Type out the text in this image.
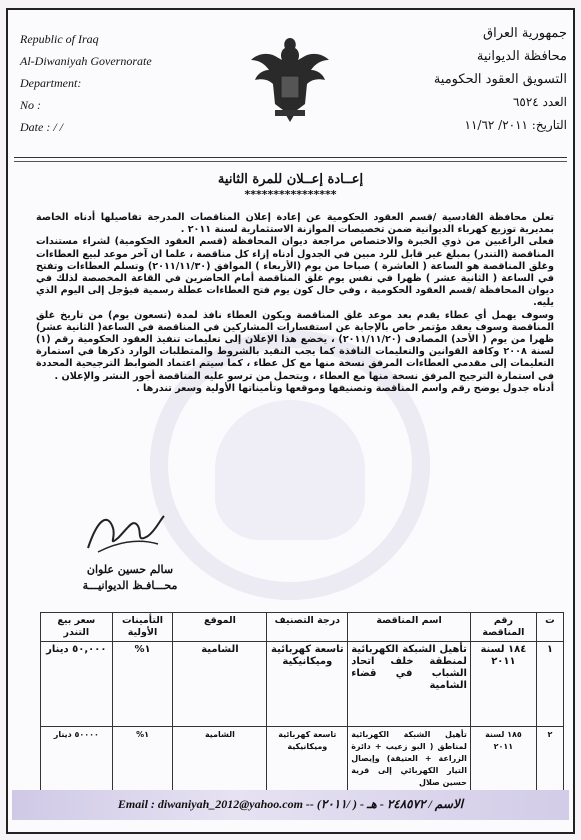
Republic of Iraq
Al-Diwaniyah Governorate
Department:
No :
Date : / /
جمهورية العراق
محافظة الديوانية
التسويق العقود الحكومية
العدد ٦٥٢٤
التاريخ: ٢٠١١/ ١١/٦٢
إعــادة إعــلان للمرة الثانية
****************

تعلن محافظة القادسية /قسم العقود الحكومية عن إعادة إعلان المناقصات المدرجة تفاصيلها أدناه الخاصة بمديرية توزيع كهرباء الديوانية ضمن تخصيصات الموازنة الاستثمارية لسنة ٢٠١١ .

فعلى الراغبين من ذوي الخبرة والاختصاص مراجعة ديوان المحافظة (قسم العقود الحكومية) لشراء مستندات المناقصة (التندر) بمبلغ غير قابل للرد مبين في الجدول أدناه إزاء كل مناقصة ، علما ان آخر موعد لبيع العطاءات وغلق المناقصة هو الساعة ( العاشرة ) صباحا من يوم (الأربعاء ) الموافق (٢٠١١/١١/٣٠) وتسلم العطاءات وتفتح في الساعة ( الثانية عشر ) ظهرا في نفس يوم غلق المناقصة أمام الحاضرين في القاعة المخصصة لذلك في ديوان المحافظة /قسم العقود الحكومية ، وفي حال كون يوم فتح العطاءات عطلة رسمية فيؤجل إلى اليوم الذي يليه.

وسوف يهمل أي عطاء يقدم بعد موعد غلق المناقصة ويكون العطاء نافذ لمدة (تسعون يوم) من تاريخ غلق المناقصة وسوف يعقد مؤتمر خاص بالإجابة عن استفسارات المشاركين في المناقصة في الساعة( الثانية عشر) ظهرا من يوم ( الأحد) المصادف (٢٠١١/١١/٢٠) ، يخضع هذا الإعلان إلى تعليمات تنفيذ العقود الحكومية رقم (١) لسنة ٢٠٠٨ وكافة القوانين والتعليمات النافذة كما يجب التقيد بالشروط والمتطلبات الوارد ذكرها في استمارة التعليمات إلى مقدمي العطاءات المرفق نسخة منها مع كل عطاء ، كما سيتم اعتماد الضوابط الترجيحية المحددة في استمارة الترجيح المرفق نسخة منها مع العطاء ، ويتحمل من ترسو عليه المناقصة أجور النشر والإعلان .

أدناه جدول يوضح رقم واسم المناقصة وتصنيفها وموقعها وتأميناتها الأولية وسعر تندرها .

سالم حسين علوان
محـــافـظ الديوانيـــة
ت	رقم المناقصة	اسم المناقصة	درجة التصنيف	الموقع	التأمينات الأولية	سعر بيع التندر
١	١٨٤ لسنة ٢٠١١	تأهيل الشبكة الكهربائية لمنطقة خلف اتحاد الشباب في قضاء الشامية	تاسعة كهربائية وميكانيكية	الشامية	١%	٥٠,٠٠٠ دينار
٢	١٨٥ لسنة ٢٠١١	تأهيل الشبكة الكهربائية لمناطق ( البو زعيب + دائرة الزراعة + العتيقة) وإيصال التيار الكهربائي إلى قرية حسين صلال	تاسعة كهربائية وميكانيكية	الشامية	١%	٥٠٠٠٠ دينار
Email : diwaniyah_2012@yahoo.com -- (٢٠١١/ ) - الاسم / ٢٤٨٥٧٢ - هـ
